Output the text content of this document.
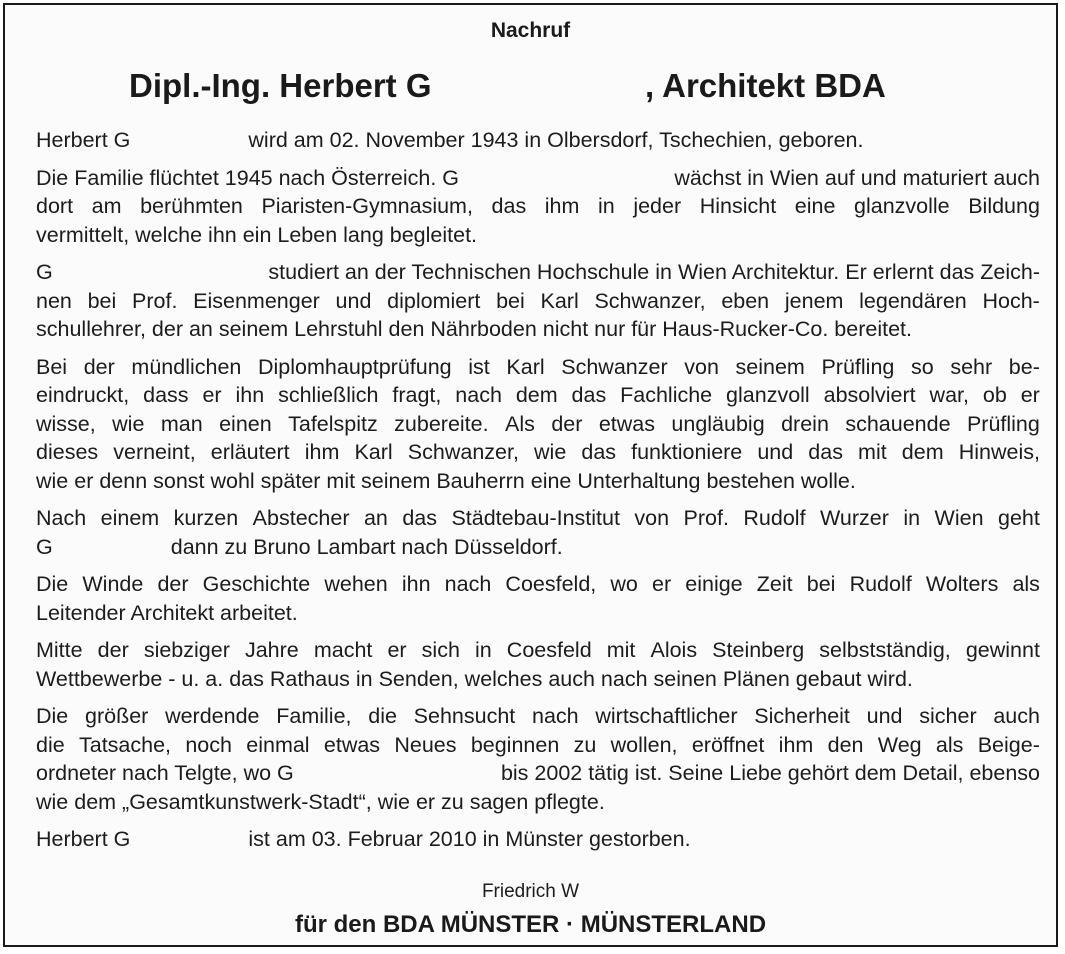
Nachruf
Dipl.-Ing. Herbert G	, Architekt BDA
Herbert G	wird am 02. November 1943 in Olbersdorf, Tschechien, geboren.
Die Familie flüchtet 1945 nach Österreich. G	wächst in Wien auf und maturiert auch
dort am berühmten Piaristen-Gymnasium, das ihm in jeder Hinsicht eine glanzvolle Bildung
vermittelt, welche ihn ein Leben lang begleitet.
G	studiert an der Technischen Hochschule in Wien Architektur. Er erlernt das Zeich-
nen bei Prof. Eisenmenger und diplomiert bei Karl Schwanzer, eben jenem legendären Hoch-
schullehrer, der an seinem Lehrstuhl den Nährboden nicht nur für Haus-Rucker-Co. bereitet.
Bei der mündlichen Diplomhauptprüfung ist Karl Schwanzer von seinem Prüfling so sehr be-
eindruckt, dass er ihn schließlich fragt, nach dem das Fachliche glanzvoll absolviert war, ob er
wisse, wie man einen Tafelspitz zubereite. Als der etwas ungläubig drein schauende Prüfling
dieses verneint, erläutert ihm Karl Schwanzer, wie das funktioniere und das mit dem Hinweis,
wie er denn sonst wohl später mit seinem Bauherrn eine Unterhaltung bestehen wolle.
Nach einem kurzen Abstecher an das Städtebau-Institut von Prof. Rudolf Wurzer in Wien geht
G	dann zu Bruno Lambart nach Düsseldorf.
Die Winde der Geschichte wehen ihn nach Coesfeld, wo er einige Zeit bei Rudolf Wolters als
Leitender Architekt arbeitet.
Mitte der siebziger Jahre macht er sich in Coesfeld mit Alois Steinberg selbstständig, gewinnt
Wettbewerbe - u. a. das Rathaus in Senden, welches auch nach seinen Plänen gebaut wird.
Die größer werdende Familie, die Sehnsucht nach wirtschaftlicher Sicherheit und sicher auch
die Tatsache, noch einmal etwas Neues beginnen zu wollen, eröffnet ihm den Weg als Beige-
ordneter nach Telgte, wo G	bis 2002 tätig ist. Seine Liebe gehört dem Detail, ebenso
wie dem „Gesamtkunstwerk-Stadt“, wie er zu sagen pflegte.
Herbert G	ist am 03. Februar 2010 in Münster gestorben.
Friedrich W
für den BDA MÜNSTER · MÜNSTERLAND
